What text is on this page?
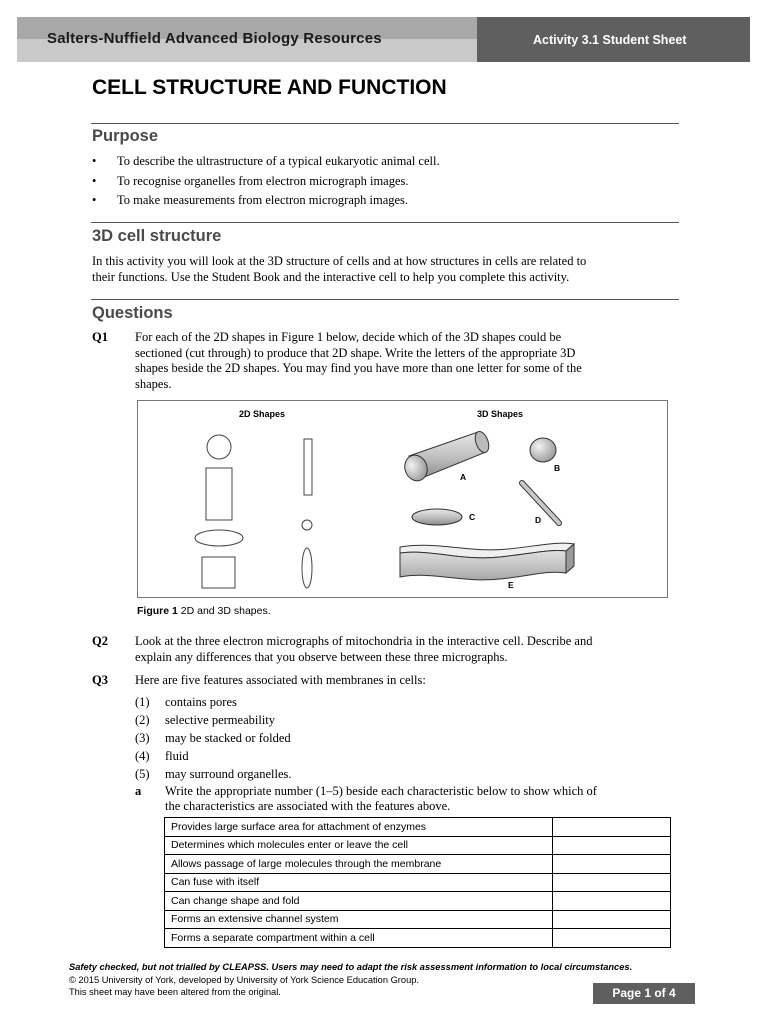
Salters-Nuffield Advanced Biology Resources	Activity 3.1 Student Sheet
CELL STRUCTURE AND FUNCTION
Purpose
• To describe the ultrastructure of a typical eukaryotic animal cell.
• To recognise organelles from electron micrograph images.
• To make measurements from electron micrograph images.
3D cell structure
In this activity you will look at the 3D structure of cells and at how structures in cells are related to
their functions. Use the Student Book and the interactive cell to help you complete this activity.
Questions
Q1 For each of the 2D shapes in Figure 1 below, decide which of the 3D shapes could be
sectioned (cut through) to produce that 2D shape. Write the letters of the appropriate 3D
shapes beside the 2D shapes. You may find you have more than one letter for some of the
shapes.
2D Shapes	3D Shapes
A
B
C	D
E
Figure 1 2D and 3D shapes.
Q2 Look at the three electron micrographs of mitochondria in the interactive cell. Describe and
explain any differences that you observe between these three micrographs.
Q3 Here are five features associated with membranes in cells:
(1) contains pores
(2) selective permeability
(3) may be stacked or folded
(4) fluid
(5) may surround organelles.
a Write the appropriate number (1–5) beside each characteristic below to show which of
the characteristics are associated with the features above.
Provides large surface area for attachment of enzymes	
Determines which molecules enter or leave the cell	
Allows passage of large molecules through the membrane	
Can fuse with itself	
Can change shape and fold	
Forms an extensive channel system	
Forms a separate compartment within a cell	
Safety checked, but not trialled by CLEAPSS. Users may need to adapt the risk assessment information to local circumstances.
© 2015 University of York, developed by University of York Science Education Group.
This sheet may have been altered from the original.	Page 1 of 4
